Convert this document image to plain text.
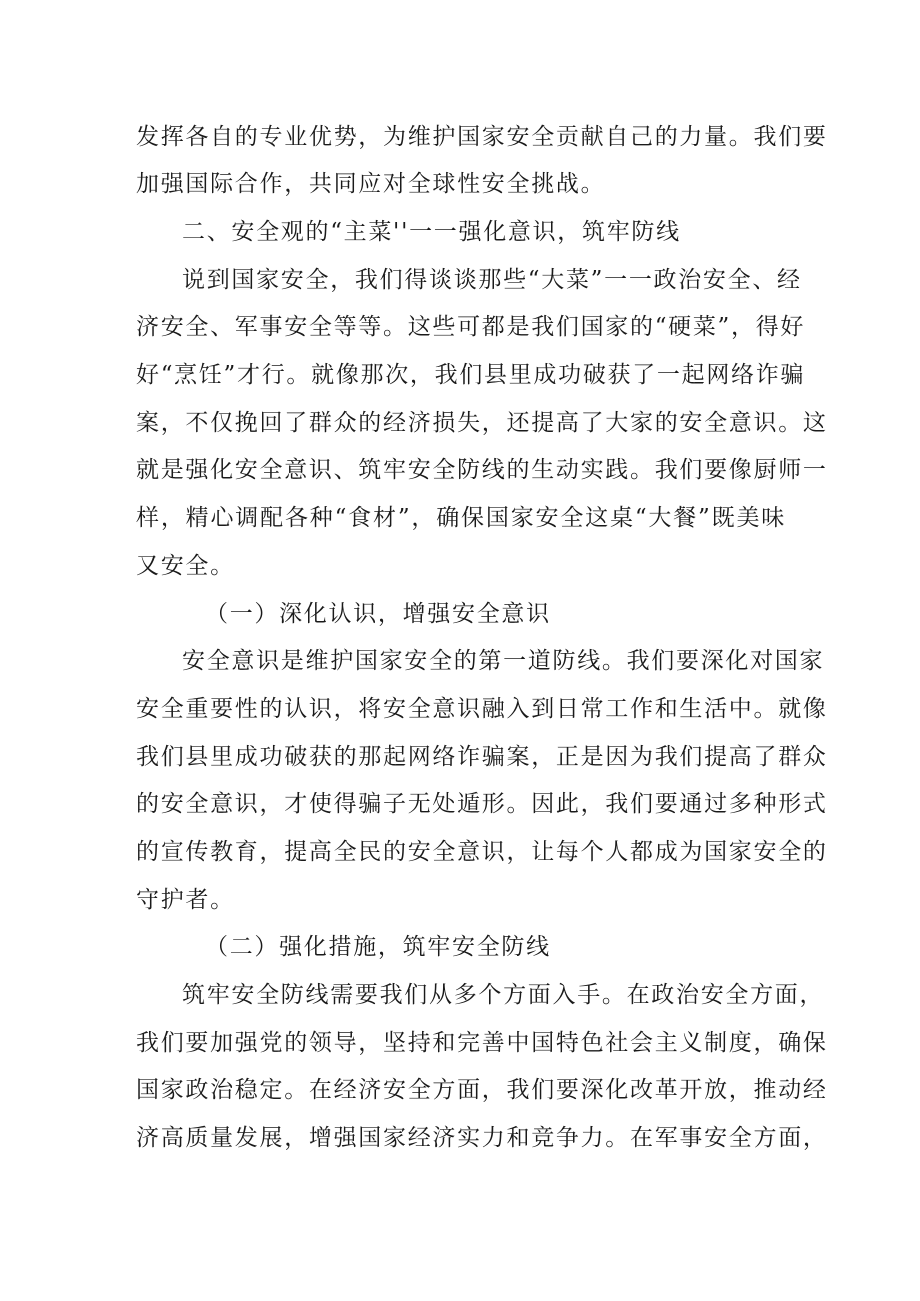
发挥各自的专业优势，为维护国家安全贡献自己的力量。我们要
加强国际合作，共同应对全球性安全挑战。
二、安全观的“主菜''一一强化意识，筑牢防线
说到国家安全，我们得谈谈那些“大菜”一一政治安全、经
济安全、军事安全等等。这些可都是我们国家的“硬菜”，得好
好“烹饪”才行。就像那次，我们县里成功破获了一起网络诈骗
案，不仅挽回了群众的经济损失，还提高了大家的安全意识。这
就是强化安全意识、筑牢安全防线的生动实践。我们要像厨师一
样，精心调配各种“食材”，确保国家安全这桌“大餐”既美味
又安全。
（一）深化认识，增强安全意识
安全意识是维护国家安全的第一道防线。我们要深化对国家
安全重要性的认识，将安全意识融入到日常工作和生活中。就像
我们县里成功破获的那起网络诈骗案，正是因为我们提高了群众
的安全意识，才使得骗子无处遁形。因此，我们要通过多种形式
的宣传教育，提高全民的安全意识，让每个人都成为国家安全的
守护者。
（二）强化措施，筑牢安全防线
筑牢安全防线需要我们从多个方面入手。在政治安全方面，
我们要加强党的领导，坚持和完善中国特色社会主义制度，确保
国家政治稳定。在经济安全方面，我们要深化改革开放，推动经
济高质量发展，增强国家经济实力和竞争力。在军事安全方面，
